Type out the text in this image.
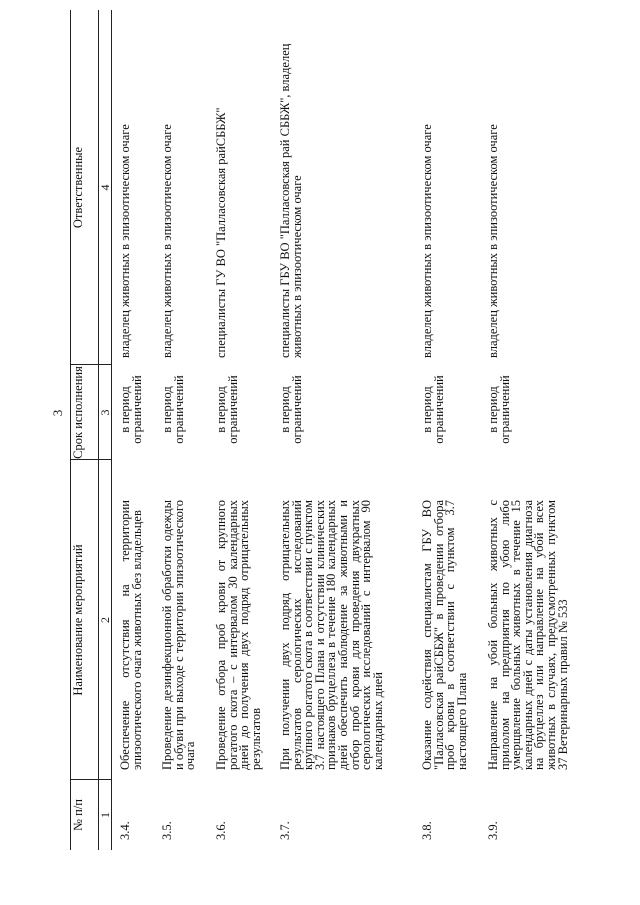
3
№ п/п 1
Наименование мероприятий 2
Срок исполнения 3
Ответственные 4
3.4.
Обеспечение отсутствия на территории эпизоотического очага животных без владельцев
в период ограничений
владелец животных в эпизоотическом очаге
3.5.
Проведение дезинфекционной обработки одежды и обуви при выходе с территории эпизоотического очага
в период ограничений
владелец животных в эпизоотическом очаге
3.6.
Проведение отбора проб крови от крупного рогатого скота – с интервалом 30 календарных дней до получения двух подряд отрицательных результатов
в период ограничений
специалисты ГУ ВО "Палласовская райСББЖ"
3.7.
При получении двух подряд отрицательных результатов серологических исследований крупного рогатого скота в соответствии с пунктом 3.7 настоящего Плана и отсутствии клинических признаков бруцеллеза в течение 180 календарных дней обеспечить наблюдение за животными и отбор проб крови для проведения двукратных серологических исследований с интервалом 90 календарных дней
в период ограничений
специалисты ГБУ ВО "Палласовская рай СББЖ", владелец животных в эпизоотическом очаге
3.8.
Оказание содействия специалистам ГБУ ВО "Палласовская райСББЖ" в проведении отбора проб крови в соответствии с пунктом 3.7 настоящего Плана
в период ограничений
владелец животных в эпизоотическом очаге
3.9.
Направление на убой больных животных с прилолом на предприятия по убою либо умерщвление больных животных в течение 15 календарных дней с даты установления диагноза на бруцеллез или направление на убой всех животных в случаях, предусмотренных пунктом 37 Ветеринарных правил № 533
в период ограничений
владелец животных в эпизоотическом очаге
